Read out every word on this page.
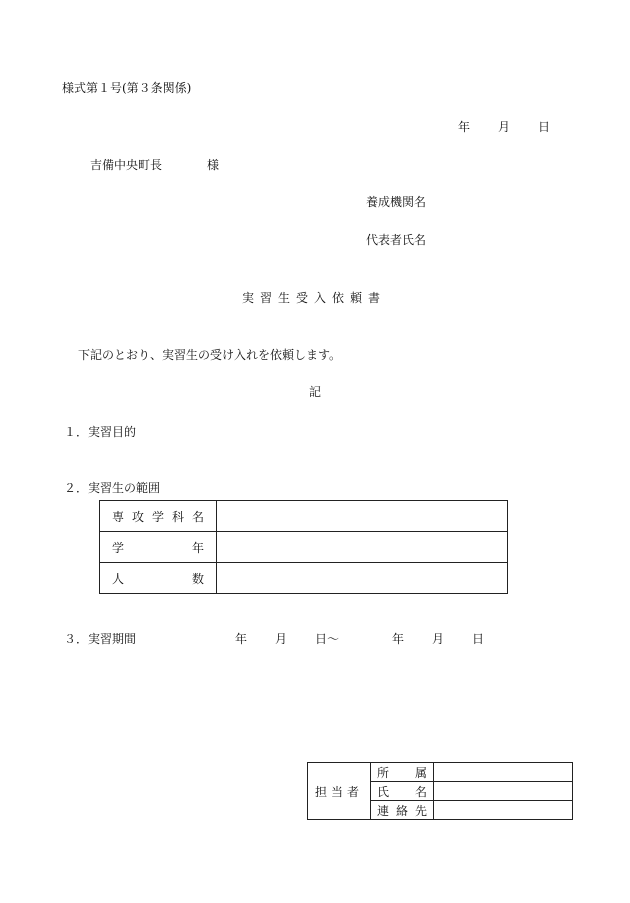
様式第１号(第３条関係)
年 月 日
吉備中央町長	様
養成機関名
代表者氏名
実習生受入依頼書
下記のとおり、実習生の受け入れを依頼します。
記
１．実習目的
２．実習生の範囲
専攻学科名	
学年	
人数	
３．実習期間	年 月 日～	年 月 日
担当者	所属	
	氏名	
	連絡先	
